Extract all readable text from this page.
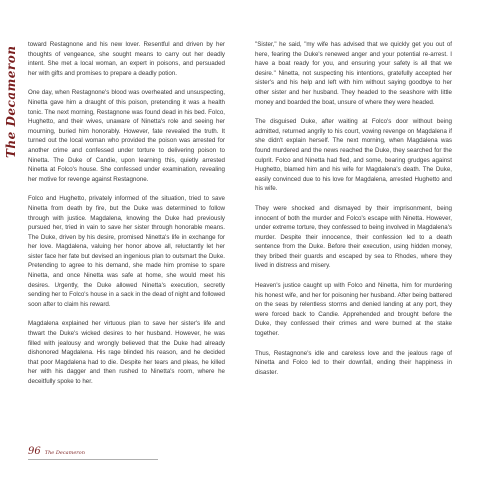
The Decameron

toward Restagnone and his new lover. Resentful and driven by her thoughts of vengeance, she sought means to carry out her deadly intent. She met a local woman, an expert in poisons, and persuaded her with gifts and promises to prepare a deadly potion.

One day, when Restagnone's blood was overheated and unsuspecting, Ninetta gave him a draught of this poison, pretending it was a health tonic. The next morning, Restagnone was found dead in his bed. Folco, Hughetto, and their wives, unaware of Ninetta's role and seeing her mourning, buried him honorably. However, fate revealed the truth. It turned out the local woman who provided the poison was arrested for another crime and confessed under torture to delivering poison to Ninetta. The Duke of Candie, upon learning this, quietly arrested Ninetta at Folco's house. She confessed under examination, revealing her motive for revenge against Restagnone.

Folco and Hughetto, privately informed of the situation, tried to save Ninetta from death by fire, but the Duke was determined to follow through with justice. Magdalena, knowing the Duke had previously pursued her, tried in vain to save her sister through honorable means. The Duke, driven by his desire, promised Ninetta's life in exchange for her love. Magdalena, valuing her honor above all, reluctantly let her sister face her fate but devised an ingenious plan to outsmart the Duke. Pretending to agree to his demand, she made him promise to spare Ninetta, and once Ninetta was safe at home, she would meet his desires. Urgently, the Duke allowed Ninetta's execution, secretly sending her to Folco's house in a sack in the dead of night and followed soon after to claim his reward.

Magdalena explained her virtuous plan to save her sister's life and thwart the Duke's wicked desires to her husband. However, he was filled with jealousy and wrongly believed that the Duke had already dishonored Magdalena. His rage blinded his reason, and he decided that poor Magdalena had to die. Despite her tears and pleas, he killed her with his dagger and then rushed to Ninetta's room, where he deceitfully spoke to her.

"Sister," he said, "my wife has advised that we quickly get you out of here, fearing the Duke's renewed anger and your potential re-arrest. I have a boat ready for you, and ensuring your safety is all that we desire." Ninetta, not suspecting his intentions, gratefully accepted her sister's and his help and left with him without saying goodbye to her other sister and her husband. They headed to the seashore with little money and boarded the boat, unsure of where they were headed.

The disguised Duke, after waiting at Folco's door without being admitted, returned angrily to his court, vowing revenge on Magdalena if she didn't explain herself. The next morning, when Magdalena was found murdered and the news reached the Duke, they searched for the culprit. Folco and Ninetta had fled, and some, bearing grudges against Hughetto, blamed him and his wife for Magdalena's death. The Duke, easily convinced due to his love for Magdalena, arrested Hughetto and his wife.

They were shocked and dismayed by their imprisonment, being innocent of both the murder and Folco's escape with Ninetta. However, under extreme torture, they confessed to being involved in Magdalena's murder. Despite their innocence, their confession led to a death sentence from the Duke. Before their execution, using hidden money, they bribed their guards and escaped by sea to Rhodes, where they lived in distress and misery.

Heaven's justice caught up with Folco and Ninetta, him for murdering his honest wife, and her for poisoning her husband. After being battered on the seas by relentless storms and denied landing at any port, they were forced back to Candie. Apprehended and brought before the Duke, they confessed their crimes and were burned at the stake together.

Thus, Restagnone's idle and careless love and the jealous rage of Ninetta and Folco led to their downfall, ending their happiness in disaster.

96 The Decameron
